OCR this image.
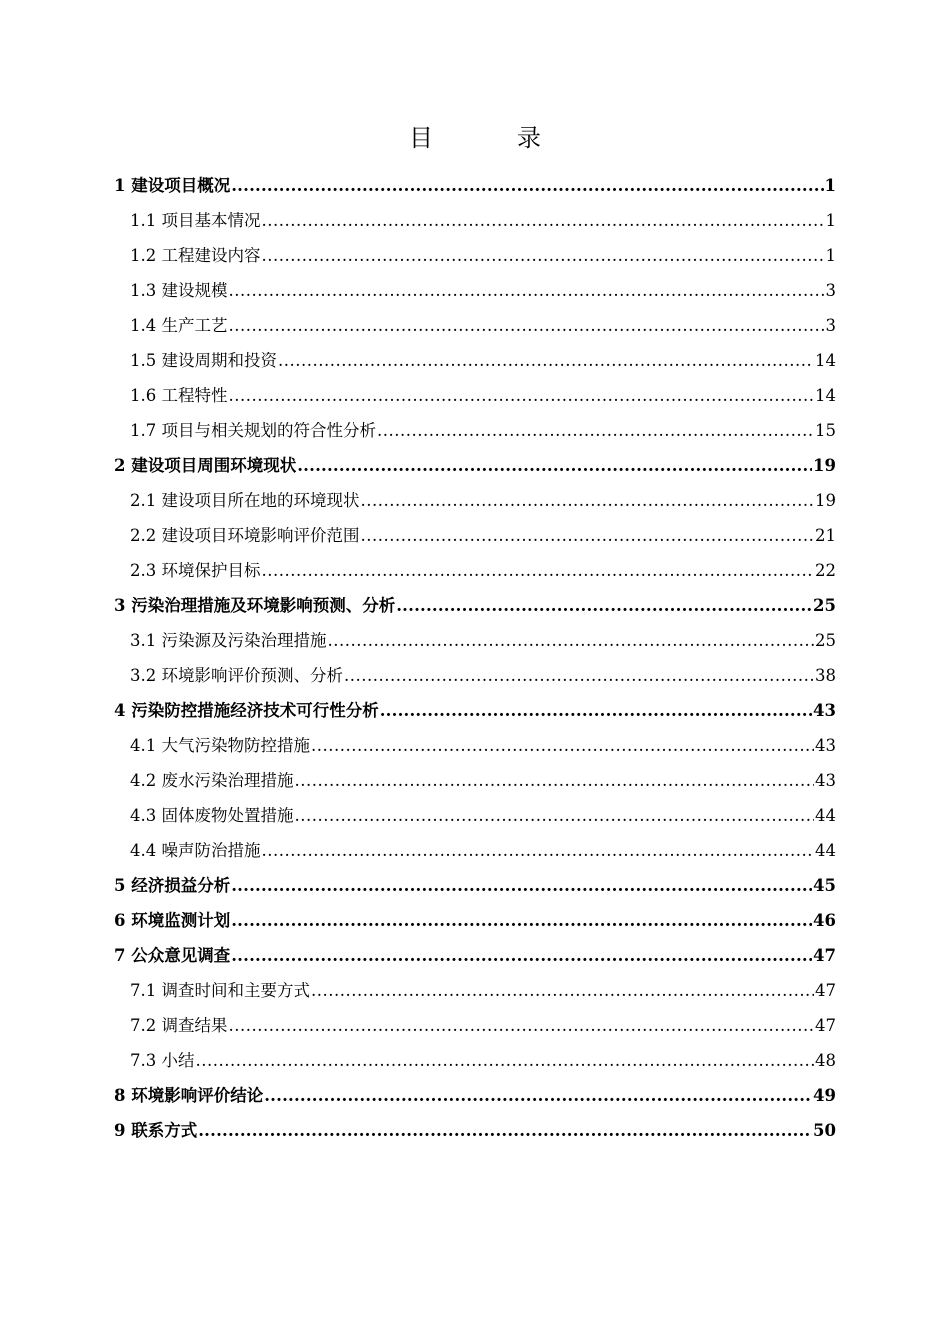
目	录
1 建设项目概况 .....	1
1.1 项目基本情况 .....	1
1.2 工程建设内容 .....	1
1.3 建设规模 .....	3
1.4 生产工艺 .....	3
1.5 建设周期和投资 .....	14
1.6 工程特性 .....	14
1.7 项目与相关规划的符合性分析 .....	15
2 建设项目周围环境现状 .....	19
2.1 建设项目所在地的环境现状 .....	19
2.2 建设项目环境影响评价范围 .....	21
2.3 环境保护目标 .....	22
3 污染治理措施及环境影响预测、分析 .....	25
3.1 污染源及污染治理措施 .....	25
3.2 环境影响评价预测、分析 .....	38
4 污染防控措施经济技术可行性分析 .....	43
4.1 大气污染物防控措施 .....	43
4.2 废水污染治理措施 .....	43
4.3 固体废物处置措施 .....	44
4.4 噪声防治措施 .....	44
5 经济损益分析 .....	45
6 环境监测计划 .....	46
7 公众意见调查 .....	47
7.1 调查时间和主要方式 .....	47
7.2 调查结果 .....	47
7.3 小结 .....	48
8 环境影响评价结论 .....	49
9 联系方式 .....	50
